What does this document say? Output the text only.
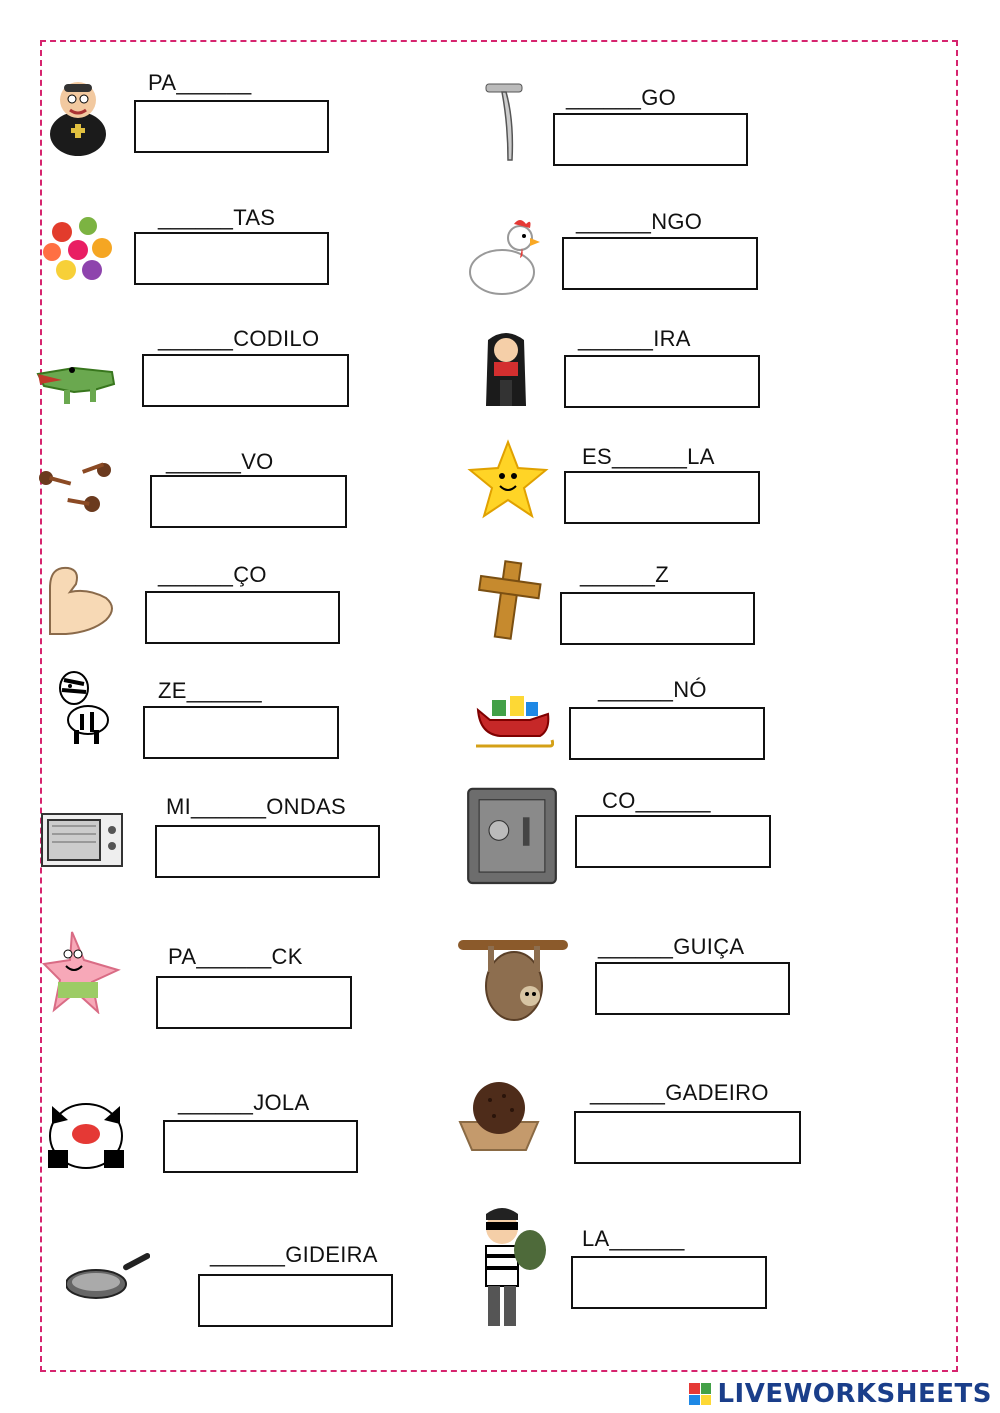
PA______
______TAS
______CODILO
______VO
______ÇO
ZE______
MI______ONDAS
PA______CK
______JOLA
______GIDEIRA
______GO
______NGO
______IRA
ES______LA
______Z
______NÓ
CO______
______GUIÇA
______GADEIRO
LA______
LIVEWORKSHEETS
